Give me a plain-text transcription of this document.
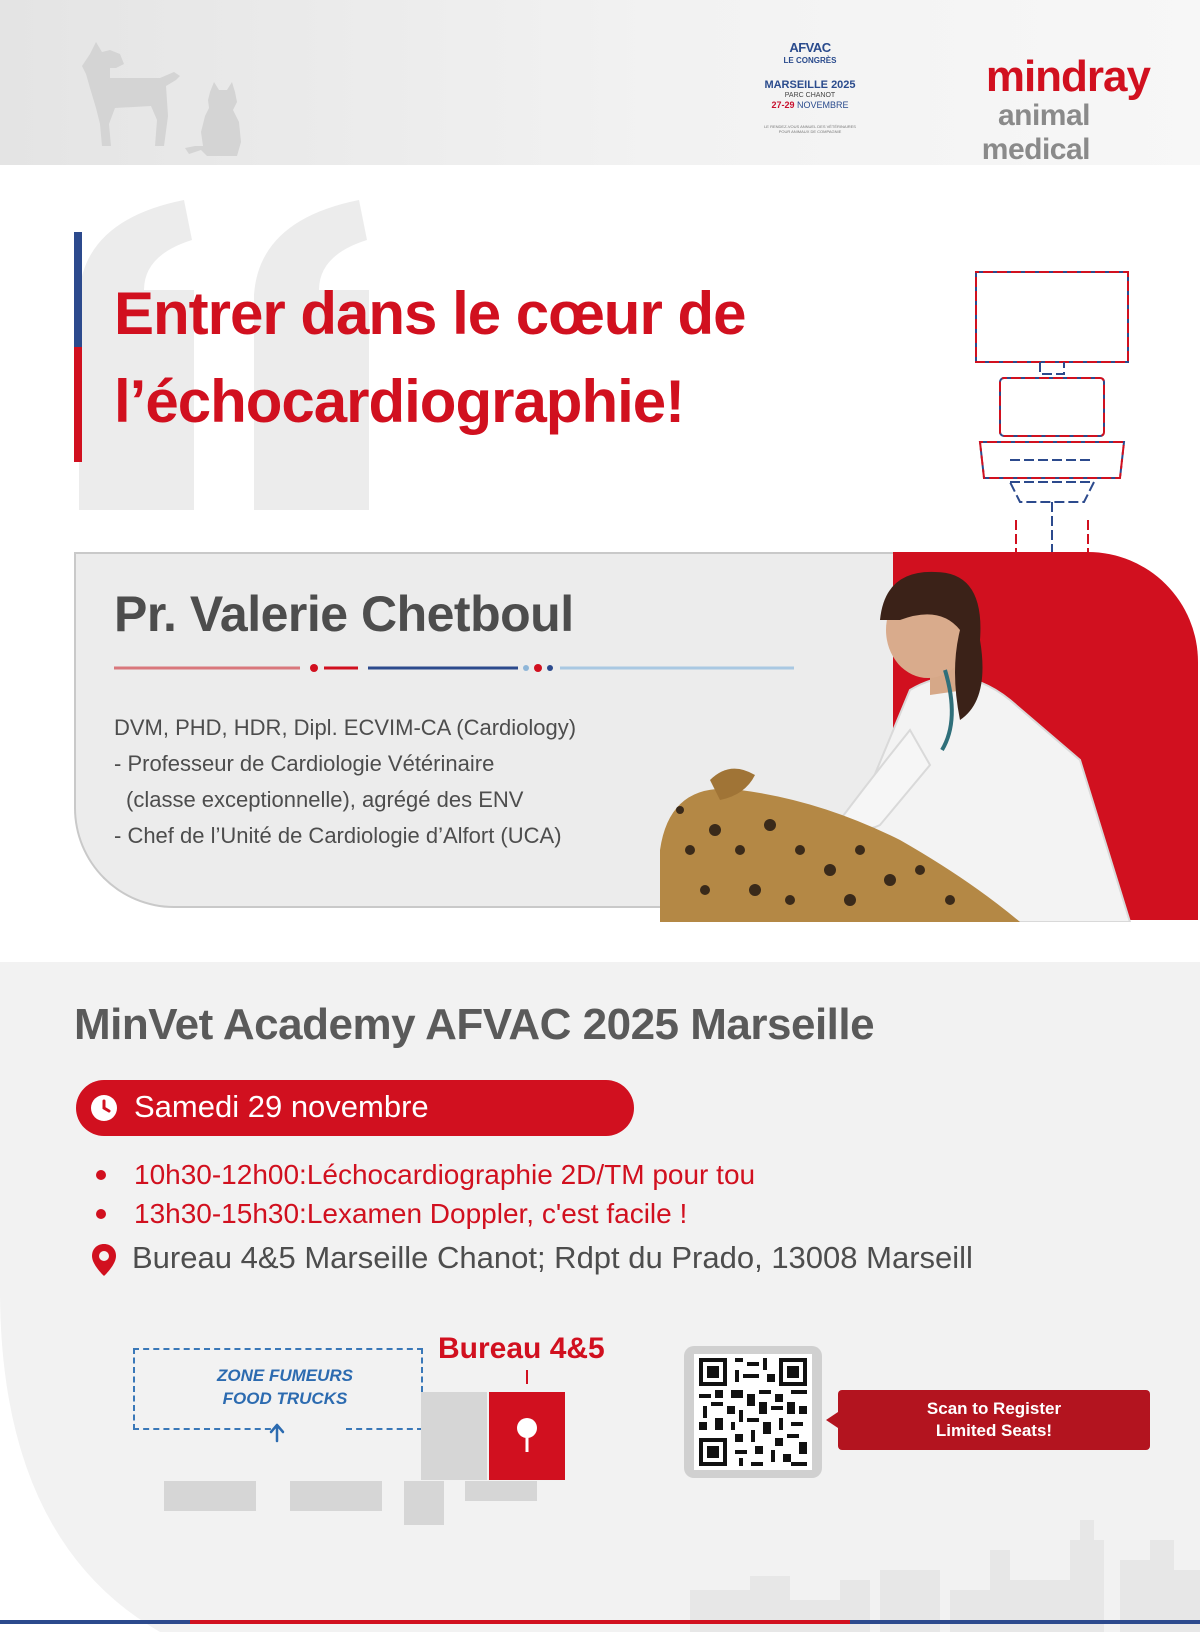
AFVAC
LE CONGRÈS
MARSEILLE 2025
PARC CHANOT
27-29 NOVEMBRE
LE RENDEZ-VOUS ANNUEL DES VÉTÉRINAIRES
POUR ANIMAUX DE COMPAGNIE
mindray
animal medical
Entrer dans le cœur de
l’échocardiographie!
Pr. Valerie Chetboul
DVM, PHD, HDR, Dipl. ECVIM-CA (Cardiology)
- Professeur de Cardiologie Vétérinaire
(classe exceptionnelle), agrégé des ENV
- Chef de l’Unité de Cardiologie d’Alfort (UCA)
MinVet Academy AFVAC 2025 Marseille
Samedi 29 novembre
10h30-12h00:Léchocardiographie 2D/TM pour tou
13h30-15h30:Lexamen Doppler, c'est facile !
Bureau 4&5 Marseille Chanot; Rdpt du Prado, 13008 Marseill
ZONE FUMEURS
FOOD TRUCKS
Bureau 4&5
Scan to Register
Limited Seats!
